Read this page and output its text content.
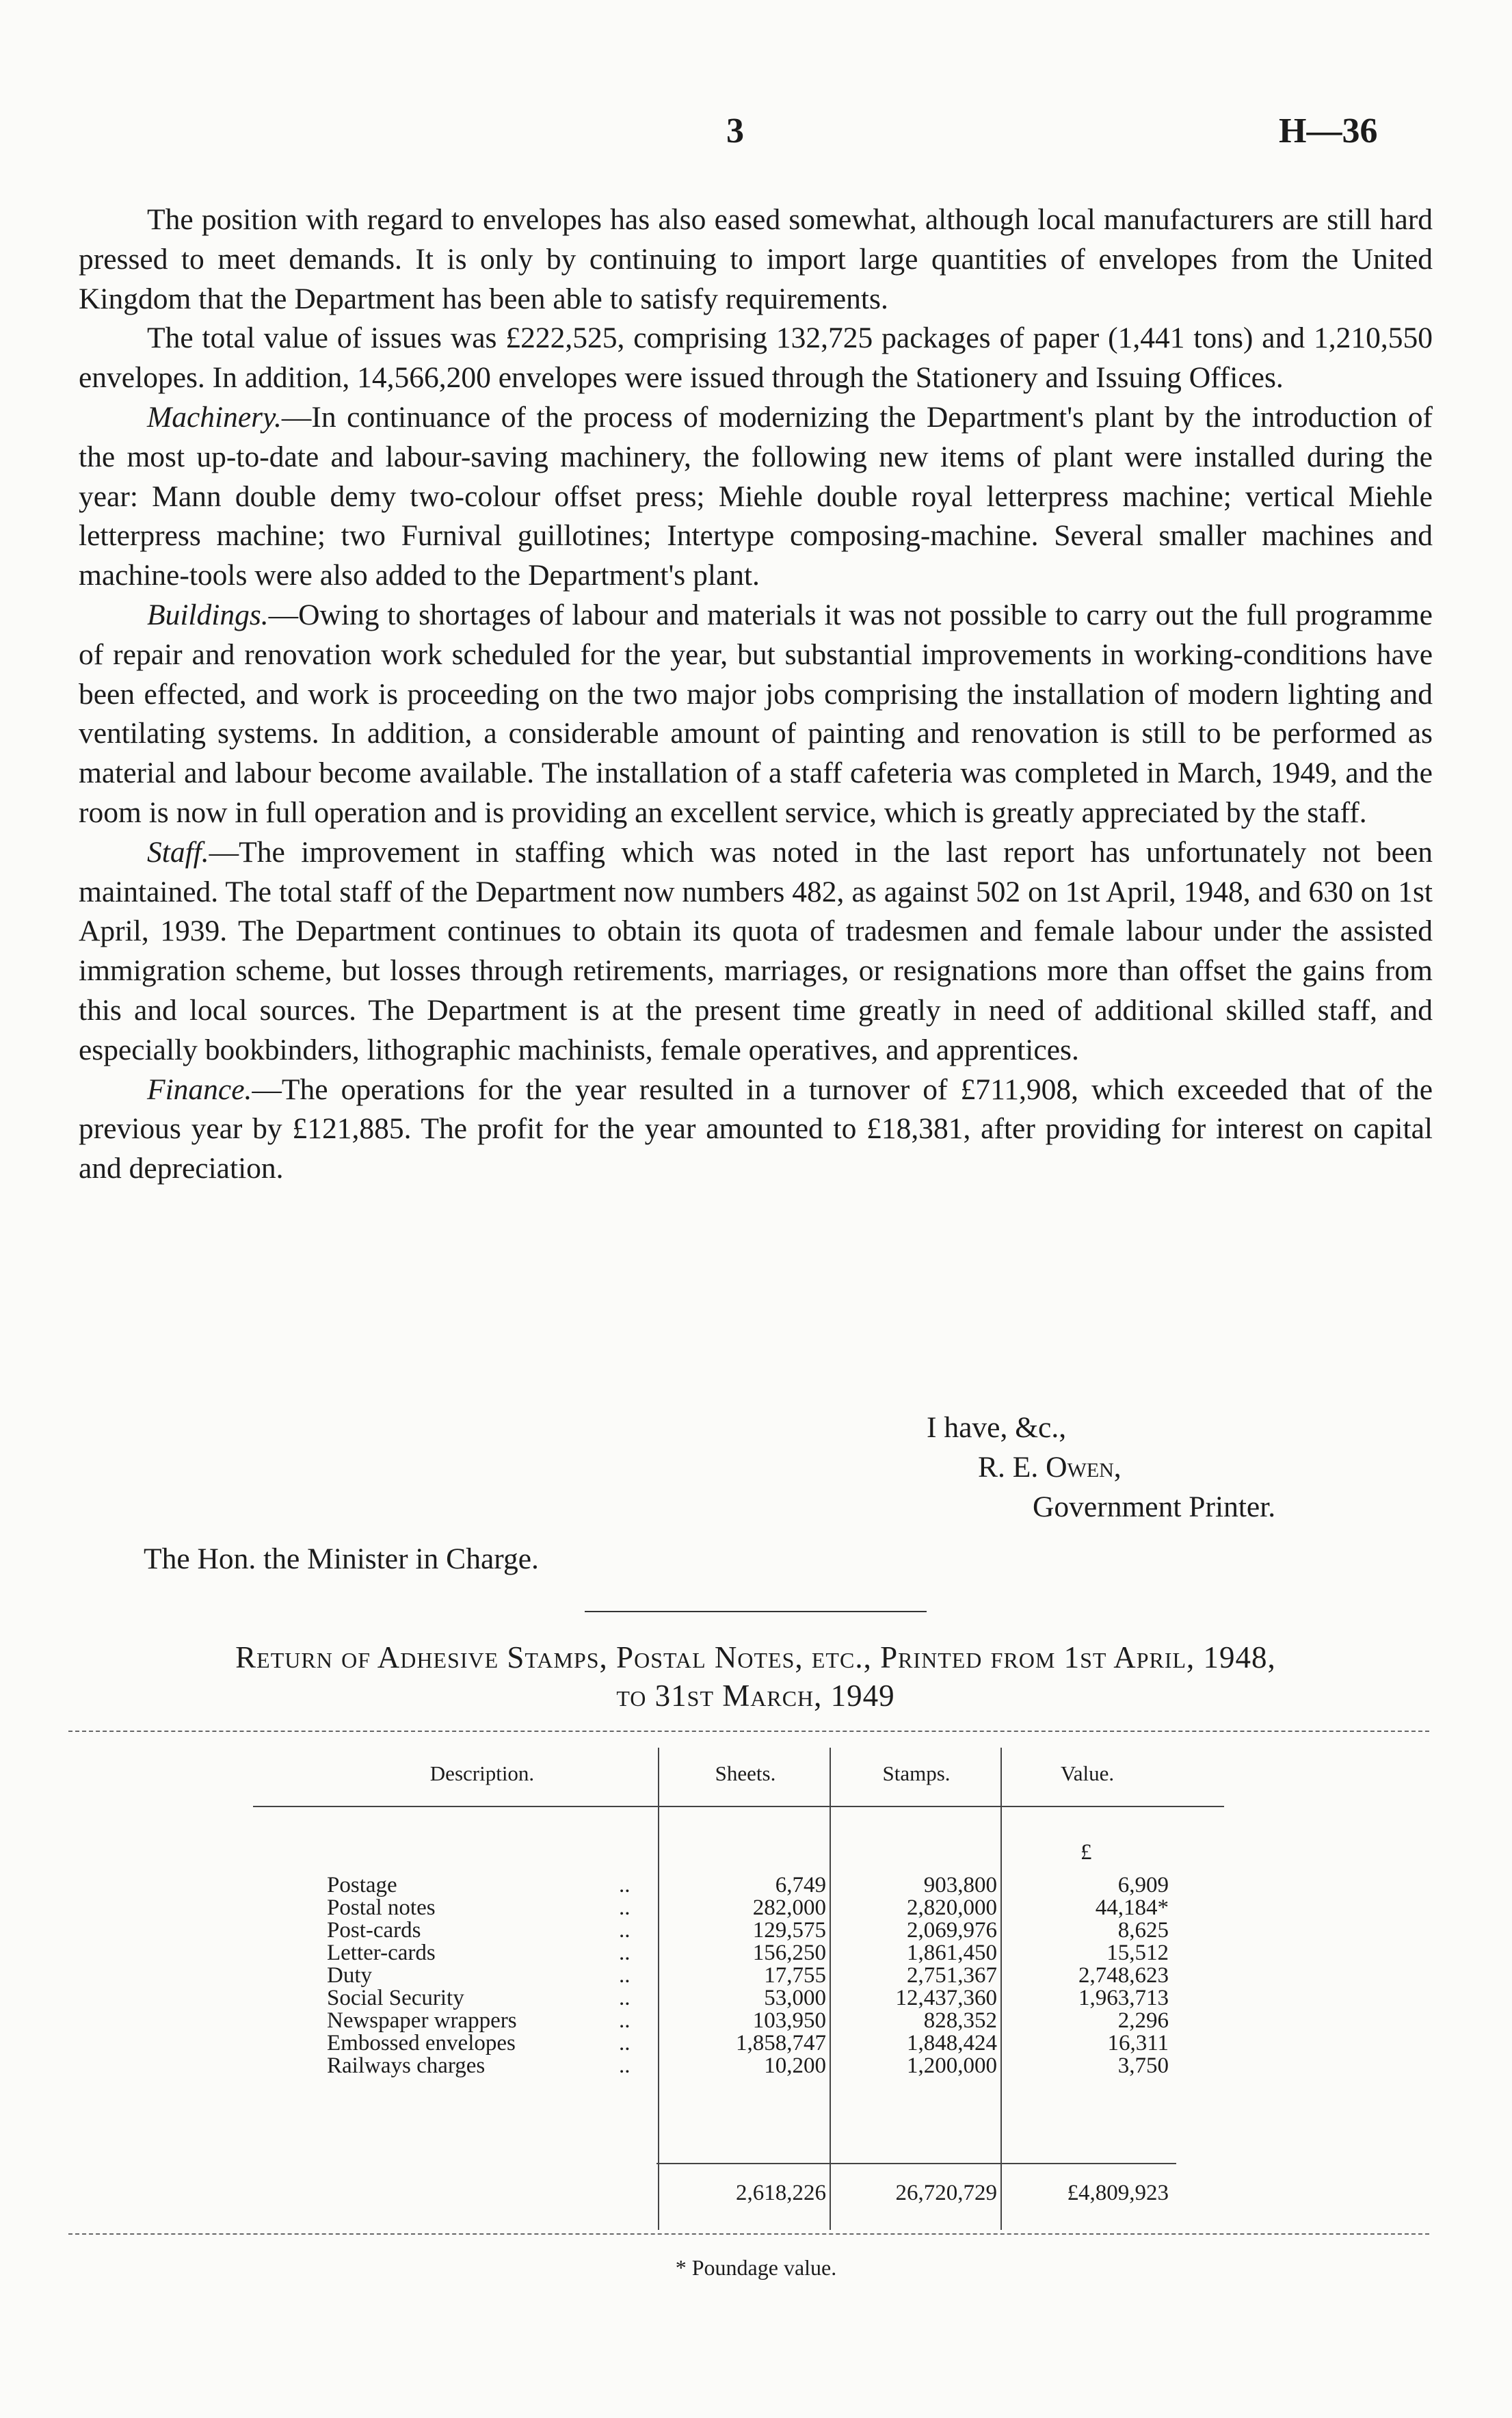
3	H—36

The position with regard to envelopes has also eased somewhat, although local manufacturers are still hard pressed to meet demands. It is only by continuing to import large quantities of envelopes from the United Kingdom that the Department has been able to satisfy requirements.

The total value of issues was £222,525, comprising 132,725 packages of paper (1,441 tons) and 1,210,550 envelopes. In addition, 14,566,200 envelopes were issued through the Stationery and Issuing Offices.

Machinery.—In continuance of the process of modernizing the Department's plant by the introduction of the most up-to-date and labour-saving machinery, the following new items of plant were installed during the year: Mann double demy two-colour offset press; Miehle double royal letterpress machine; vertical Miehle letterpress machine; two Furnival guillotines; Intertype composing-machine. Several smaller machines and machine-tools were also added to the Department's plant.

Buildings.—Owing to shortages of labour and materials it was not possible to carry out the full programme of repair and renovation work scheduled for the year, but substantial improvements in working-conditions have been effected, and work is proceeding on the two major jobs comprising the installation of modern lighting and ventilating systems. In addition, a considerable amount of painting and renovation is still to be performed as material and labour become available. The installation of a staff cafeteria was completed in March, 1949, and the room is now in full operation and is providing an excellent service, which is greatly appreciated by the staff.

Staff.—The improvement in staffing which was noted in the last report has unfortunately not been maintained. The total staff of the Department now numbers 482, as against 502 on 1st April, 1948, and 630 on 1st April, 1939. The Department continues to obtain its quota of tradesmen and female labour under the assisted immigration scheme, but losses through retirements, marriages, or resignations more than offset the gains from this and local sources. The Department is at the present time greatly in need of additional skilled staff, and especially bookbinders, lithographic machinists, female operatives, and apprentices.

Finance.—The operations for the year resulted in a turnover of £711,908, which exceeded that of the previous year by £121,885. The profit for the year amounted to £18,381, after providing for interest on capital and depreciation.

I have, &c.,
R. E. Owen,
Government Printer.
The Hon. the Minister in Charge.
Return of Adhesive Stamps, Postal Notes, etc., Printed from 1st April, 1948,
to 31st March, 1949
Description.	Sheets.	Stamps.	Value.
£
Postage	..	6,749	903,800	6,909
Postal notes	..	282,000	2,820,000	44,184*
Post-cards	..	129,575	2,069,976	8,625
Letter-cards	..	156,250	1,861,450	15,512
Duty	..	17,755	2,751,367	2,748,623
Social Security	..	53,000	12,437,360	1,963,713
Newspaper wrappers	..	103,950	828,352	2,296
Embossed envelopes	..	1,858,747	1,848,424	16,311
Railways charges	..	10,200	1,200,000	3,750
2,618,226	26,720,729	£4,809,923
* Poundage value.
